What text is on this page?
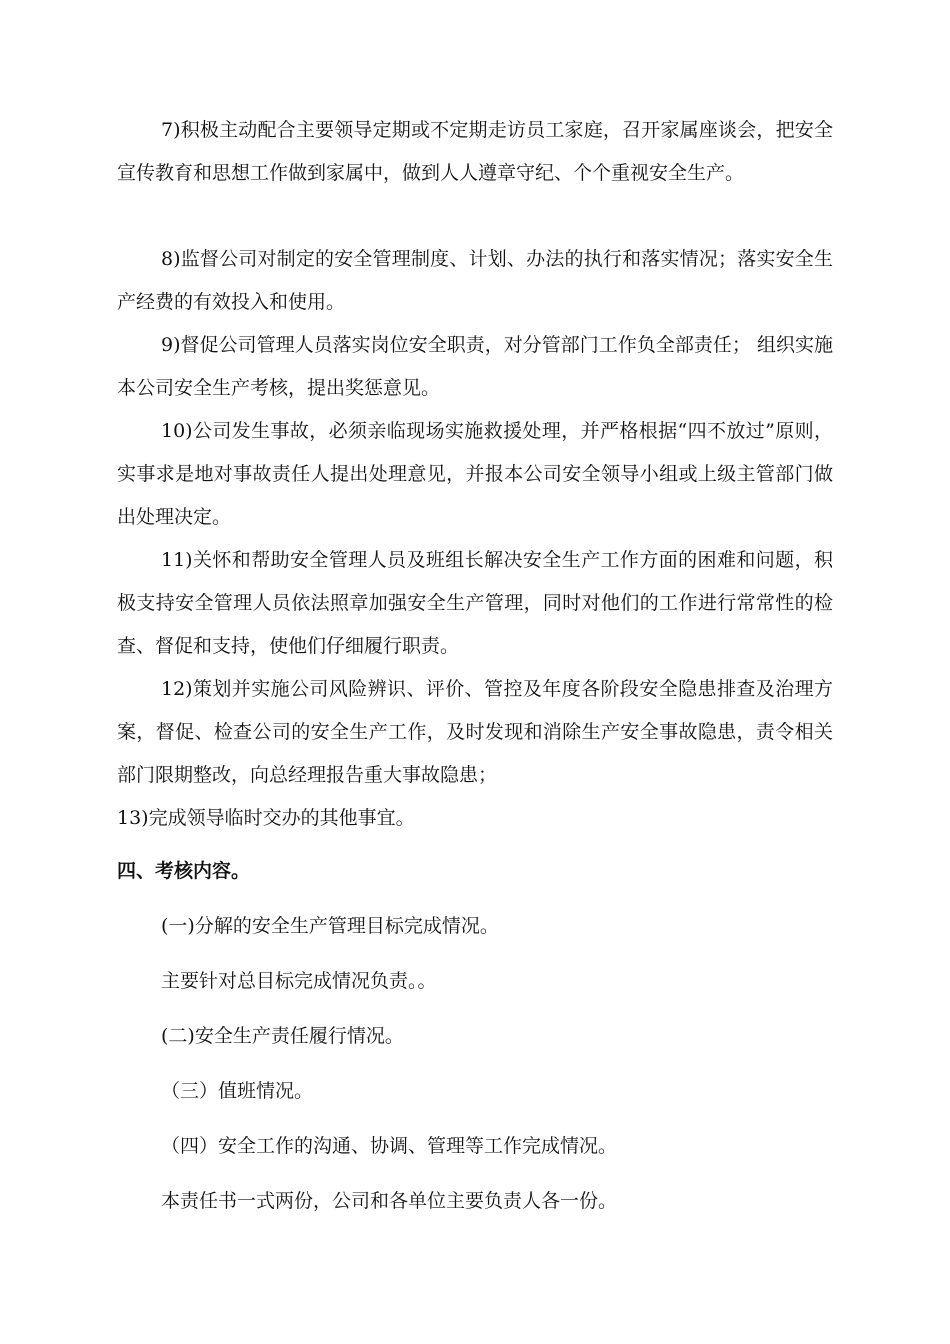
7)积极主动配合主要领导定期或不定期走访员工家庭，召开家属座谈会，把安全宣传教育和思想工作做到家属中，做到人人遵章守纪、个个重视安全生产。

8)监督公司对制定的安全管理制度、计划、办法的执行和落实情况；落实安全生产经费的有效投入和使用。

9)督促公司管理人员落实岗位安全职责，对分管部门工作负全部责任； 组织实施本公司安全生产考核，提出奖惩意见。

10)公司发生事故，必须亲临现场实施救援处理，并严格根据“四不放过”原则，实事求是地对事故责任人提出处理意见，并报本公司安全领导小组或上级主管部门做出处理决定。

11)关怀和帮助安全管理人员及班组长解决安全生产工作方面的困难和问题，积极支持安全管理人员依法照章加强安全生产管理，同时对他们的工作进行常常性的检查、督促和支持，使他们仔细履行职责。

12)策划并实施公司风险辨识、评价、管控及年度各阶段安全隐患排查及治理方案，督促、检查公司的安全生产工作，及时发现和消除生产安全事故隐患，责令相关部门限期整改，向总经理报告重大事故隐患；

13)完成领导临时交办的其他事宜。

四、考核内容。

(一)分解的安全生产管理目标完成情况。

主要针对总目标完成情况负责。。

(二)安全生产责任履行情况。

（三）值班情况。

（四）安全工作的沟通、协调、管理等工作完成情况。

本责任书一式两份，公司和各单位主要负责人各一份。
